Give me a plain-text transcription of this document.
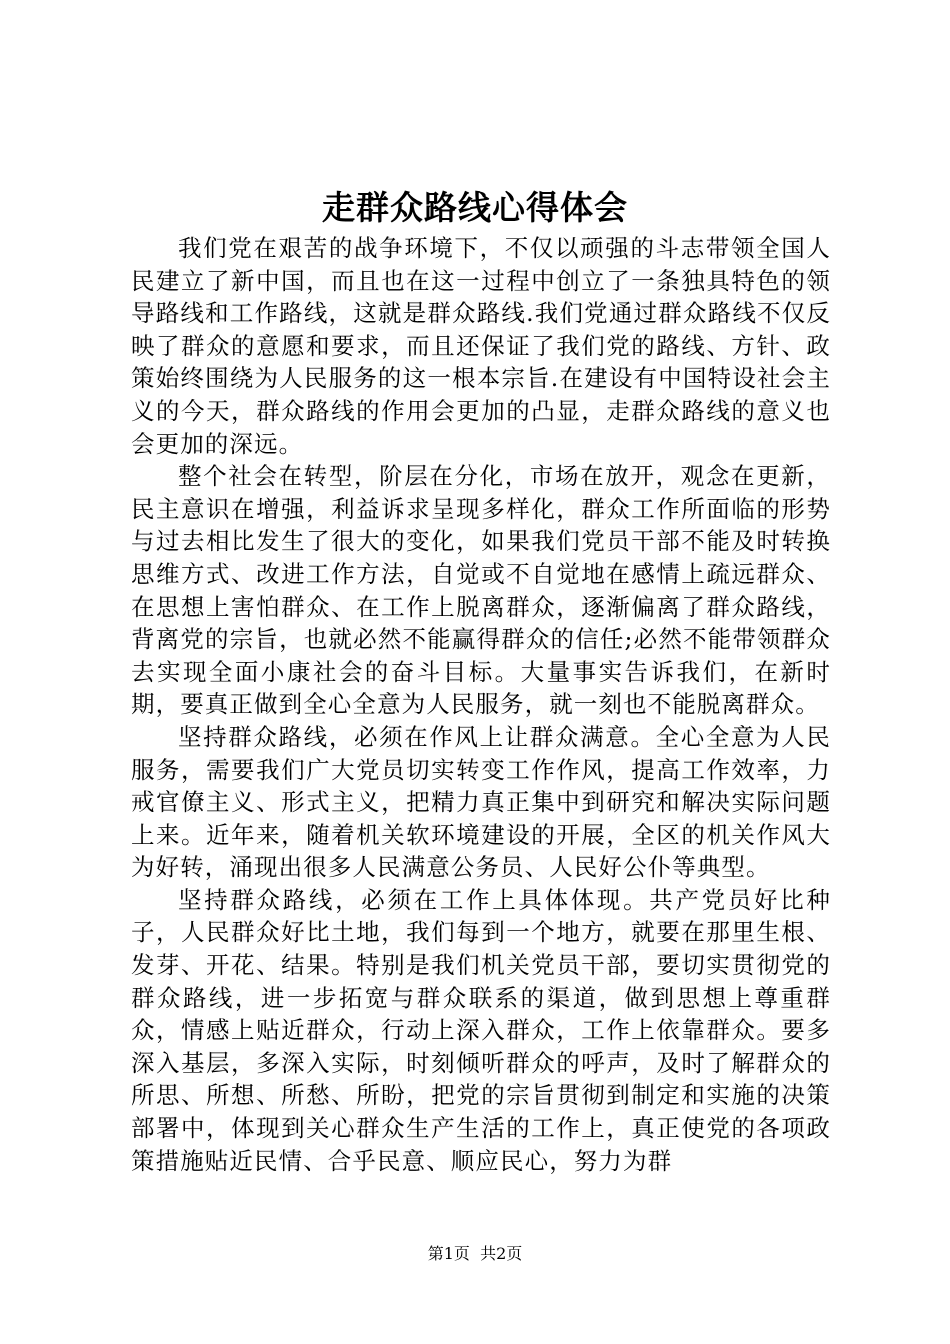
走群众路线心得体会

我们党在艰苦的战争环境下，不仅以顽强的斗志带领全国人民建立了新中国，而且也在这一过程中创立了一条独具特色的领导路线和工作路线，这就是群众路线.我们党通过群众路线不仅反映了群众的意愿和要求，而且还保证了我们党的路线、方针、政策始终围绕为人民服务的这一根本宗旨.在建设有中国特设社会主义的今天，群众路线的作用会更加的凸显，走群众路线的意义也会更加的深远。

整个社会在转型，阶层在分化，市场在放开，观念在更新，民主意识在增强，利益诉求呈现多样化，群众工作所面临的形势与过去相比发生了很大的变化，如果我们党员干部不能及时转换思维方式、改进工作方法，自觉或不自觉地在感情上疏远群众、在思想上害怕群众、在工作上脱离群众，逐渐偏离了群众路线，背离党的宗旨，也就必然不能赢得群众的信任;必然不能带领群众去实现全面小康社会的奋斗目标。大量事实告诉我们，在新时期，要真正做到全心全意为人民服务，就一刻也不能脱离群众。

坚持群众路线，必须在作风上让群众满意。全心全意为人民服务，需要我们广大党员切实转变工作作风，提高工作效率，力戒官僚主义、形式主义，把精力真正集中到研究和解决实际问题上来。近年来，随着机关软环境建设的开展，全区的机关作风大为好转，涌现出很多人民满意公务员、人民好公仆等典型。

坚持群众路线，必须在工作上具体体现。共产党员好比种子，人民群众好比土地，我们每到一个地方，就要在那里生根、发芽、开花、结果。特别是我们机关党员干部，要切实贯彻党的群众路线，进一步拓宽与群众联系的渠道，做到思想上尊重群众，情感上贴近群众，行动上深入群众，工作上依靠群众。要多深入基层，多深入实际，时刻倾听群众的呼声，及时了解群众的所思、所想、所愁、所盼，把党的宗旨贯彻到制定和实施的决策部署中，体现到关心群众生产生活的工作上，真正使党的各项政策措施贴近民情、合乎民意、顺应民心，努力为群

第1页  共2页
